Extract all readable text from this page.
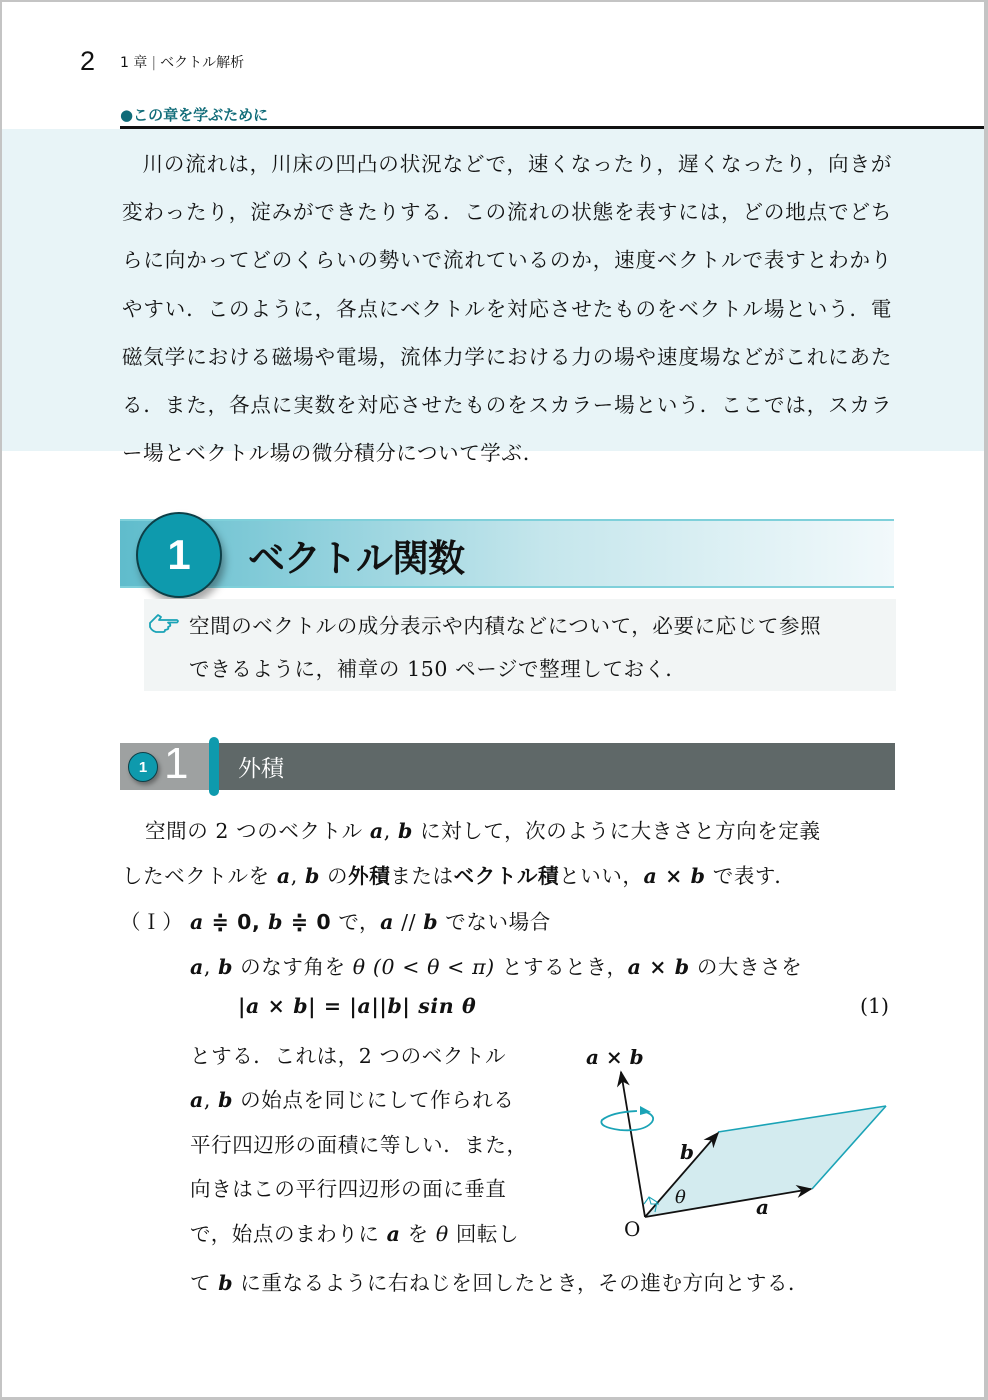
2 1 章 | ベクトル解析
●この章を学ぶために
川の流れは，川床の凹凸の状況などで，速くなったり，遅くなったり，向きが変わったり，淀みができたりする．この流れの状態を表すには，どの地点でどちらに向かってどのくらいの勢いで流れているのか，速度ベクトルで表すとわかりやすい．このように，各点にベクトルを対応させたものをベクトル場という．電磁気学における磁場や電場，流体力学における力の場や速度場などがこれにあたる．また，各点に実数を対応させたものをスカラー場という．ここでは，スカラー場とベクトル場の微分積分について学ぶ．
1	ベクトル関数
空間のベクトルの成分表示や内積などについて，必要に応じて参照
できるように，補章の 150 ページで整理しておく．
1 1 外積
空間の 2 つのベクトル a, b に対して，次のように大きさと方向を定義
したベクトルを a, b の外積またはベクトル積といい，a × b で表す．
（Ｉ） a ≑ 0, b ≑ 0 で，a // b でない場合
a, b のなす角を θ (0 < θ < π) とするとき，a × b の大きさを
|a × b| = |a||b| sin θ	(1)
とする．これは，2 つのベクトル
a, b の始点を同じにして作られる
平行四辺形の面積に等しい．また，
向きはこの平行四辺形の面に垂直
で，始点のまわりに a を θ 回転し
て b に重なるように右ねじを回したとき，その進む方向とする．
a × b
b
a
θ
O
